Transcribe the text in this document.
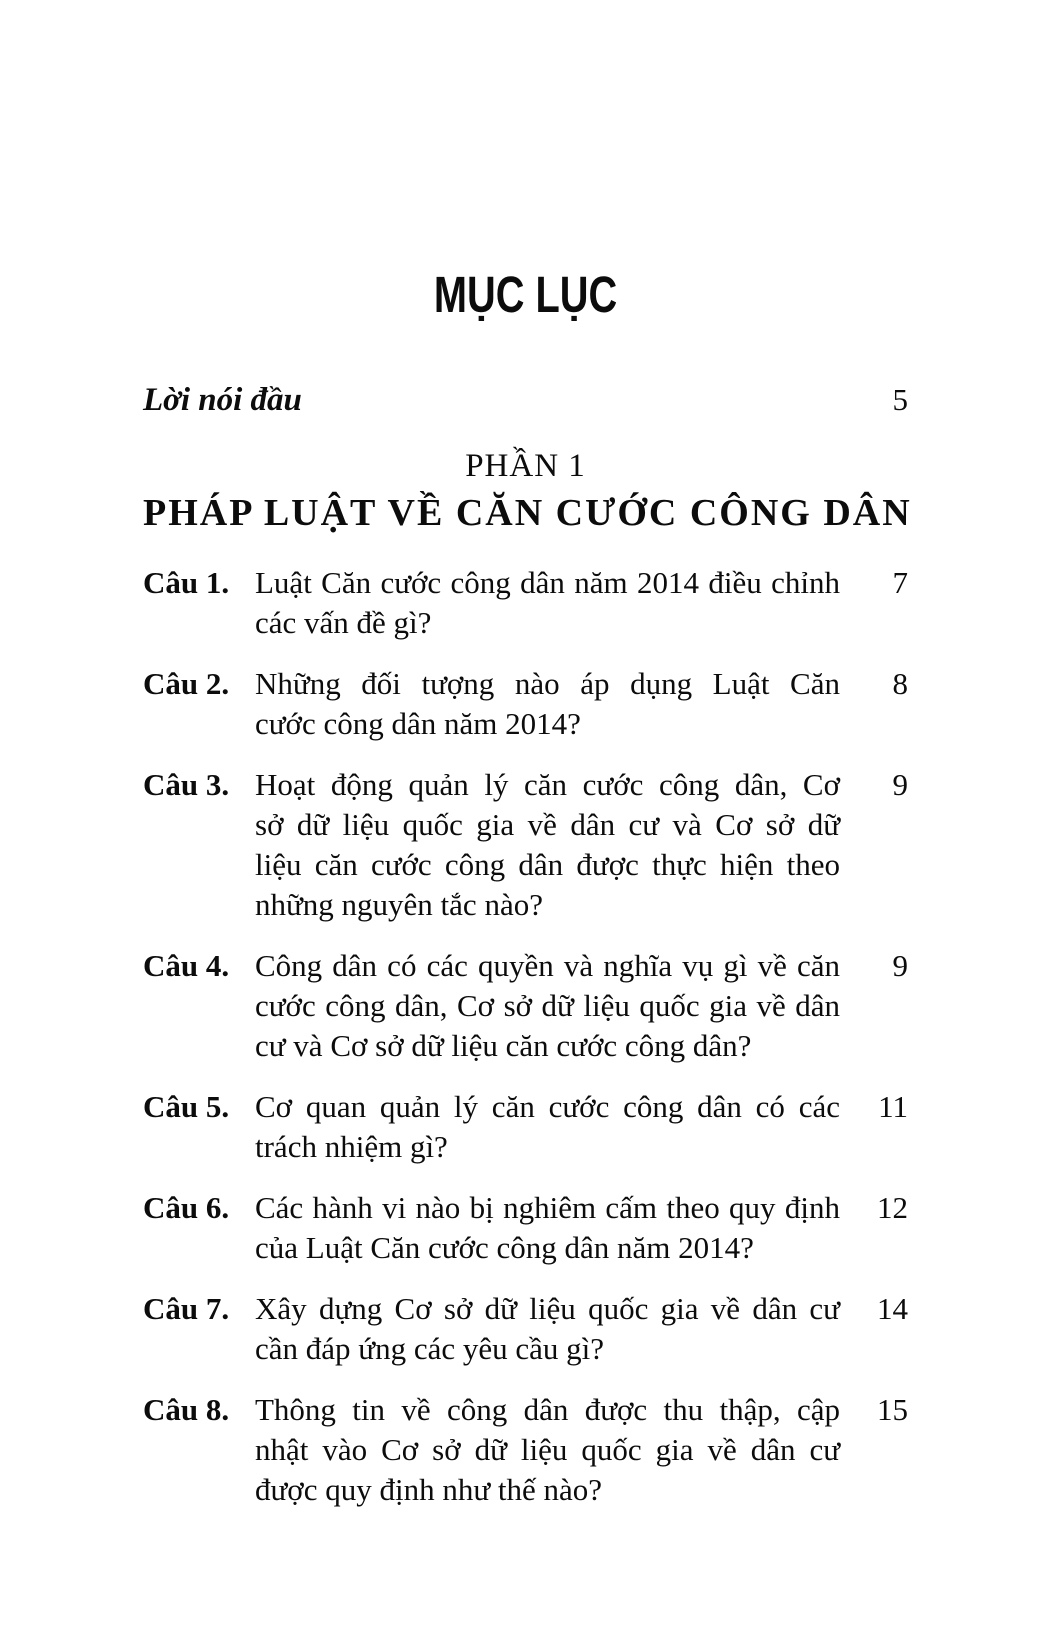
MỤC LỤC
Lời nói đầu	5
PHẦN 1
PHÁP LUẬT VỀ CĂN CƯỚC CÔNG DÂN
Câu 1. Luật Căn cước công dân năm 2014 điều chỉnh
các vấn đề gì?
7
Câu 2. Những đối tượng nào áp dụng Luật Căn
cước công dân năm 2014?
8
Câu 3. Hoạt động quản lý căn cước công dân, Cơ
sở dữ liệu quốc gia về dân cư và Cơ sở dữ
liệu căn cước công dân được thực hiện theo
những nguyên tắc nào?
9
Câu 4. Công dân có các quyền và nghĩa vụ gì về căn
cước công dân, Cơ sở dữ liệu quốc gia về dân
cư và Cơ sở dữ liệu căn cước công dân?
9
Câu 5. Cơ quan quản lý căn cước công dân có các
trách nhiệm gì?
11
Câu 6. Các hành vi nào bị nghiêm cấm theo quy định
của Luật Căn cước công dân năm 2014?
12
Câu 7. Xây dựng Cơ sở dữ liệu quốc gia về dân cư
cần đáp ứng các yêu cầu gì?
14
Câu 8. Thông tin về công dân được thu thập, cập
nhật vào Cơ sở dữ liệu quốc gia về dân cư
được quy định như thế nào?
15
